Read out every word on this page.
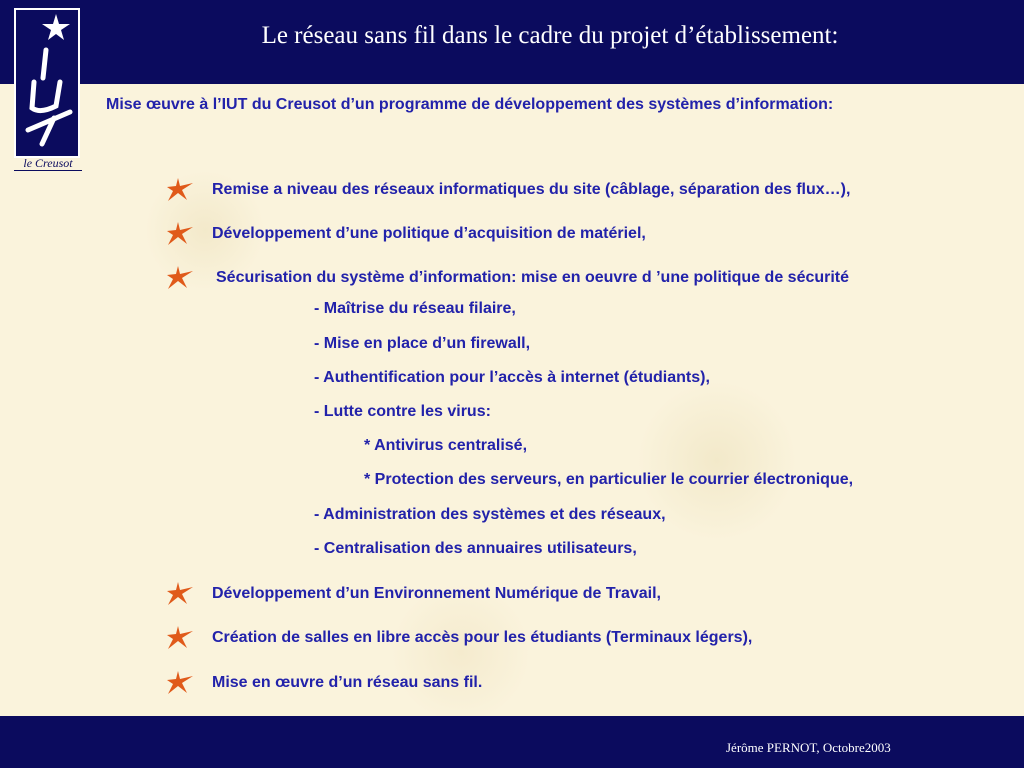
Le réseau sans fil dans le cadre du projet d’établissement:
le Creusot
Mise œuvre à l’IUT du Creusot d’un programme de développement des systèmes d’information:
Remise a niveau des réseaux informatiques du site (câblage, séparation des flux…),
Développement d’une politique d’acquisition de matériel,
Sécurisation du système d’information: mise en oeuvre d ’une politique de sécurité
- Maîtrise du réseau filaire,
- Mise en place d’un firewall,
- Authentification pour l’accès à internet (étudiants),
- Lutte contre les virus:
* Antivirus centralisé,
* Protection des serveurs, en particulier le courrier électronique,
- Administration des systèmes et des réseaux,
- Centralisation des annuaires utilisateurs,
Développement d’un Environnement Numérique de Travail,
Création de salles en libre accès pour les étudiants (Terminaux légers),
Mise en œuvre d’un réseau sans fil.
Jérôme PERNOT, Octobre2003
